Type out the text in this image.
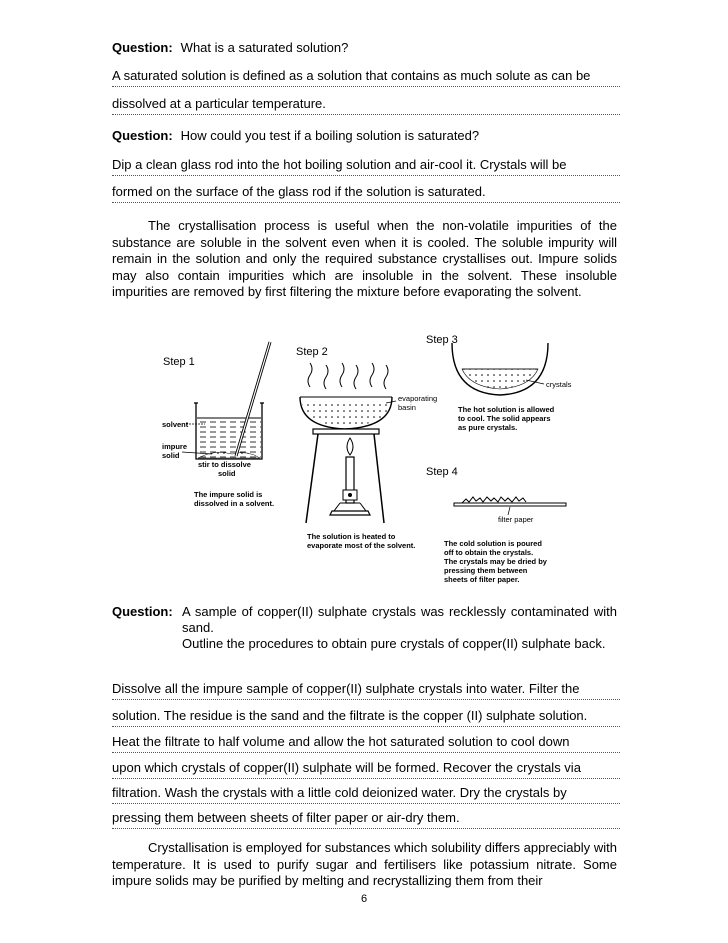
Question: What is a saturated solution?
A saturated solution is defined as a solution that contains as much solute as can be
dissolved at a particular temperature.
Question: How could you test if a boiling solution is saturated?
Dip a clean glass rod into the hot boiling solution and air-cool it. Crystals will be
formed on the surface of the glass rod if the solution is saturated.
The crystallisation process is useful when the non-volatile impurities of the substance are soluble in the solvent even when it is cooled. The soluble impurity will remain in the solution and only the required substance crystallises out. Impure solids may also contain impurities which are insoluble in the solvent. These insoluble impurities are removed by first filtering the mixture before evaporating the solvent.
Step 1
solvent
impure
solid
stir to dissolve
solid
The impure solid is
dissolved in a solvent.
Step 2
evaporating
basin
The solution is heated to
evaporate most of the solvent.
Step 3
crystals
The hot solution is allowed
to cool. The solid appears
as pure crystals.
Step 4
filter paper
The cold solution is poured
off to obtain the crystals.
The crystals may be dried by
pressing them between
sheets of filter paper.
Question: A sample of copper(II) sulphate crystals was recklessly contaminated with sand.
Outline the procedures to obtain pure crystals of copper(II) sulphate back.
Dissolve all the impure sample of copper(II) sulphate crystals into water. Filter the
solution. The residue is the sand and the filtrate is the copper (II) sulphate solution.
Heat the filtrate to half volume and allow the hot saturated solution to cool down
upon which crystals of copper(II) sulphate will be formed. Recover the crystals via
filtration. Wash the crystals with a little cold deionized water. Dry the crystals by
pressing them between sheets of filter paper or air-dry them.
Crystallisation is employed for substances which solubility differs appreciably with temperature. It is used to purify sugar and fertilisers like potassium nitrate. Some impure solids may be purified by melting and recrystallizing them from their
6
